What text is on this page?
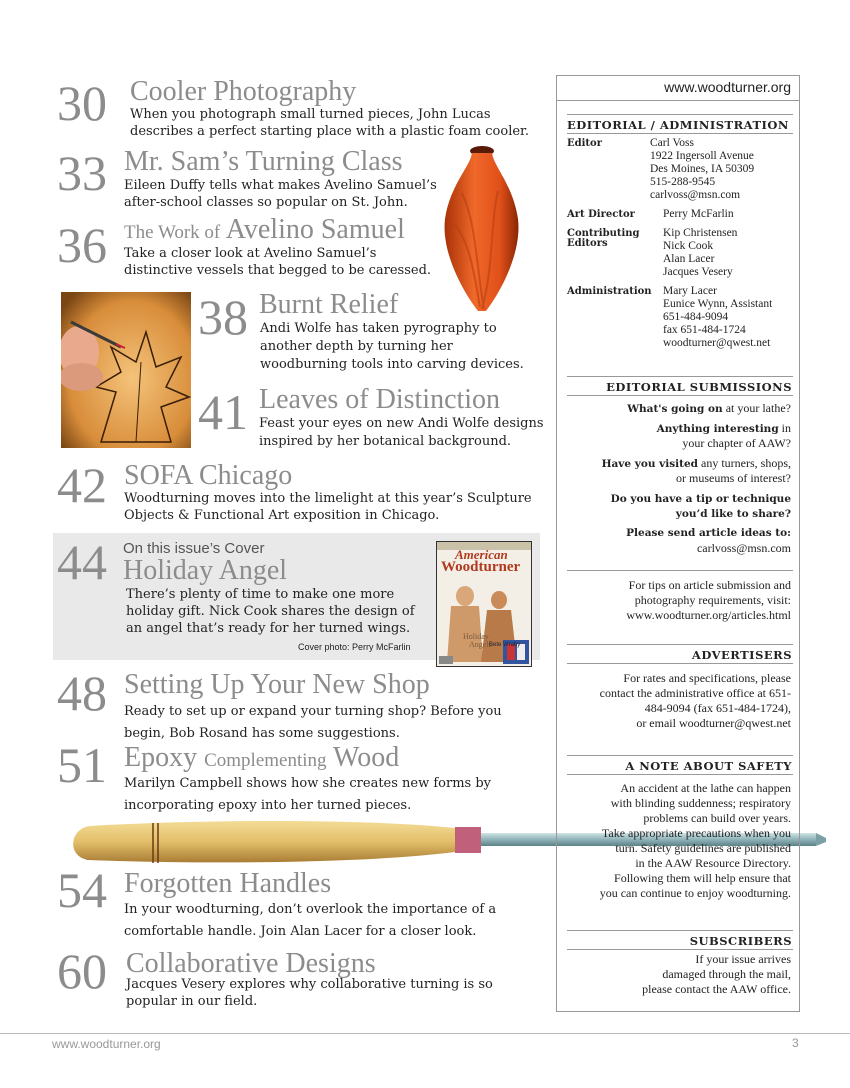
30 Cooler Photography
When you photograph small turned pieces, John Lucas
describes a perfect starting place with a plastic foam cooler.
33 Mr. Sam’s Turning Class
Eileen Duffy tells what makes Avelino Samuel’s
after-school classes so popular on St. John.
36 The Work of Avelino Samuel
Take a closer look at Avelino Samuel’s
distinctive vessels that begged to be caressed.
38 Burnt Relief
Andi Wolfe has taken pyrography to
another depth by turning her
woodburning tools into carving devices.
41 Leaves of Distinction
Feast your eyes on new Andi Wolfe designs
inspired by her botanical background.
42 SOFA Chicago
Woodturning moves into the limelight at this year’s Sculpture
Objects & Functional Art exposition in Chicago.
44 On this issue’s Cover
Holiday Angel
There’s plenty of time to make one more
holiday gift. Nick Cook shares the design of
an angel that’s ready for her turned wings.
Cover photo: Perry McFarlin
American
Woodturner
Holiday
Angels
Bete Wraby
48 Setting Up Your New Shop
Ready to set up or expand your turning shop? Before you
begin, Bob Rosand has some suggestions.
51 Epoxy Complementing Wood
Marilyn Campbell shows how she creates new forms by
incorporating epoxy into her turned pieces.
54 Forgotten Handles
In your woodturning, don’t overlook the importance of a
comfortable handle. Join Alan Lacer for a closer look.
60 Collaborative Designs
Jacques Vesery explores why collaborative turning is so
popular in our field.
www.woodturner.org
EDITORIAL / ADMINISTRATION
Editor	Carl Voss
1922 Ingersoll Avenue
Des Moines, IA 50309
515-288-9545
carlvoss@msn.com
Art Director Perry McFarlin
Contributing
Editors
Kip Christensen
Nick Cook
Alan Lacer
Jacques Vesery
Administration Mary Lacer
Eunice Wynn, Assistant
651-484-9094
fax 651-484-1724
woodturner@qwest.net
EDITORIAL SUBMISSIONS
What's going on at your lathe?
Anything interesting in
your chapter of AAW?
Have you visited any turners, shops,
or museums of interest?
Do you have a tip or technique
you’d like to share?
Please send article ideas to:
carlvoss@msn.com
For tips on article submission and
photography requirements, visit:
www.woodturner.org/articles.html
ADVERTISERS
For rates and specifications, please
contact the administrative office at 651-
484-9094 (fax 651-484-1724),
or email woodturner@qwest.net
A NOTE ABOUT SAFETY
An accident at the lathe can happen
with blinding suddenness; respiratory
problems can build over years.
Take appropriate precautions when you
turn. Safety guidelines are published
in the AAW Resource Directory.
Following them will help ensure that
you can continue to enjoy woodturning.
SUBSCRIBERS
If your issue arrives
damaged through the mail,
please contact the AAW office.
www.woodturner.org	3
